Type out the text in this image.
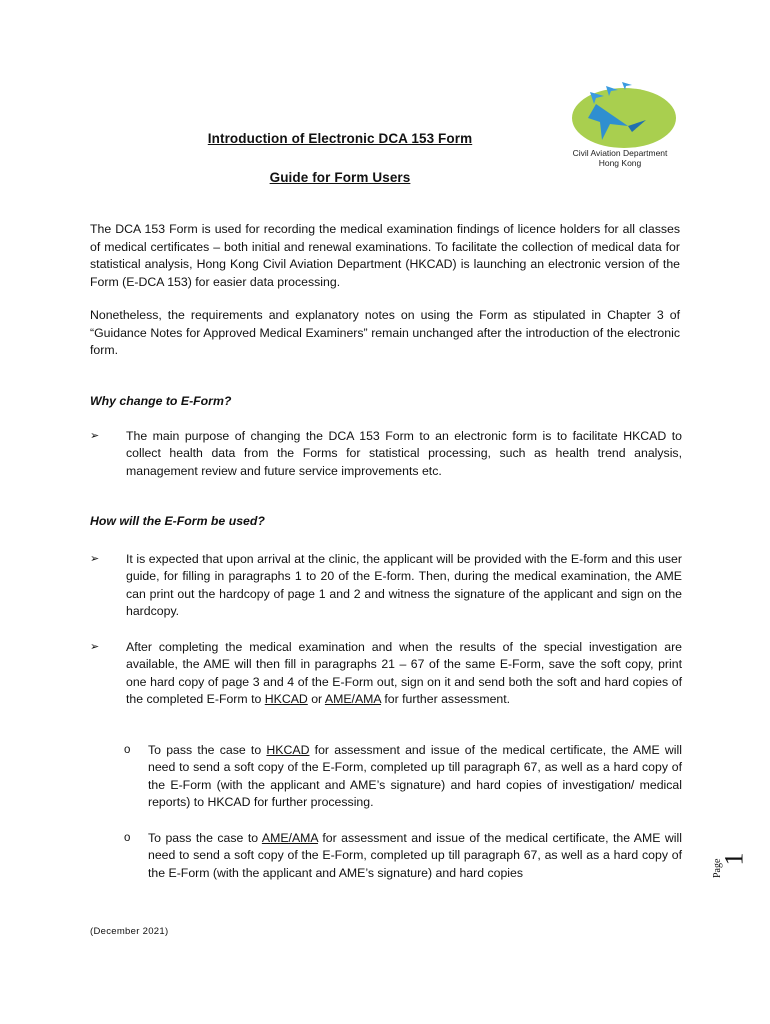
Civil Aviation Department
Hong Kong
Introduction of Electronic DCA 153 Form
Guide for Form Users
The DCA 153 Form is used for recording the medical examination findings of licence holders for all classes of medical certificates – both initial and renewal examinations. To facilitate the collection of medical data for statistical analysis, Hong Kong Civil Aviation Department (HKCAD) is launching an electronic version of the Form (E-DCA 153) for easier data processing.
Nonetheless, the requirements and explanatory notes on using the Form as stipulated in Chapter 3 of “Guidance Notes for Approved Medical Examiners” remain unchanged after the introduction of the electronic form.
Why change to E-Form?
➢	The main purpose of changing the DCA 153 Form to an electronic form is to facilitate HKCAD to collect health data from the Forms for statistical processing, such as health trend analysis, management review and future service improvements etc.
How will the E-Form be used?
➢	It is expected that upon arrival at the clinic, the applicant will be provided with the E-form and this user guide, for filling in paragraphs 1 to 20 of the E-form. Then, during the medical examination, the AME can print out the hardcopy of page 1 and 2 and witness the signature of the applicant and sign on the hardcopy.
➢	After completing the medical examination and when the results of the special investigation are available, the AME will then fill in paragraphs 21 – 67 of the same E-Form, save the soft copy, print one hard copy of page 3 and 4 of the E-Form out, sign on it and send both the soft and hard copies of the completed E-Form to HKCAD or AME/AMA for further assessment.
o To pass the case to HKCAD for assessment and issue of the medical certificate, the AME will need to send a soft copy of the E-Form, completed up till paragraph 67, as well as a hard copy of the E-Form (with the applicant and AME’s signature) and hard copies of investigation/ medical reports) to HKCAD for further processing.
o To pass the case to AME/AMA for assessment and issue of the medical certificate, the AME will need to send a soft copy of the E-Form, completed up till paragraph 67, as well as a hard copy of the E-Form (with the applicant and AME’s signature) and hard copies	Page
1
(December 2021)
